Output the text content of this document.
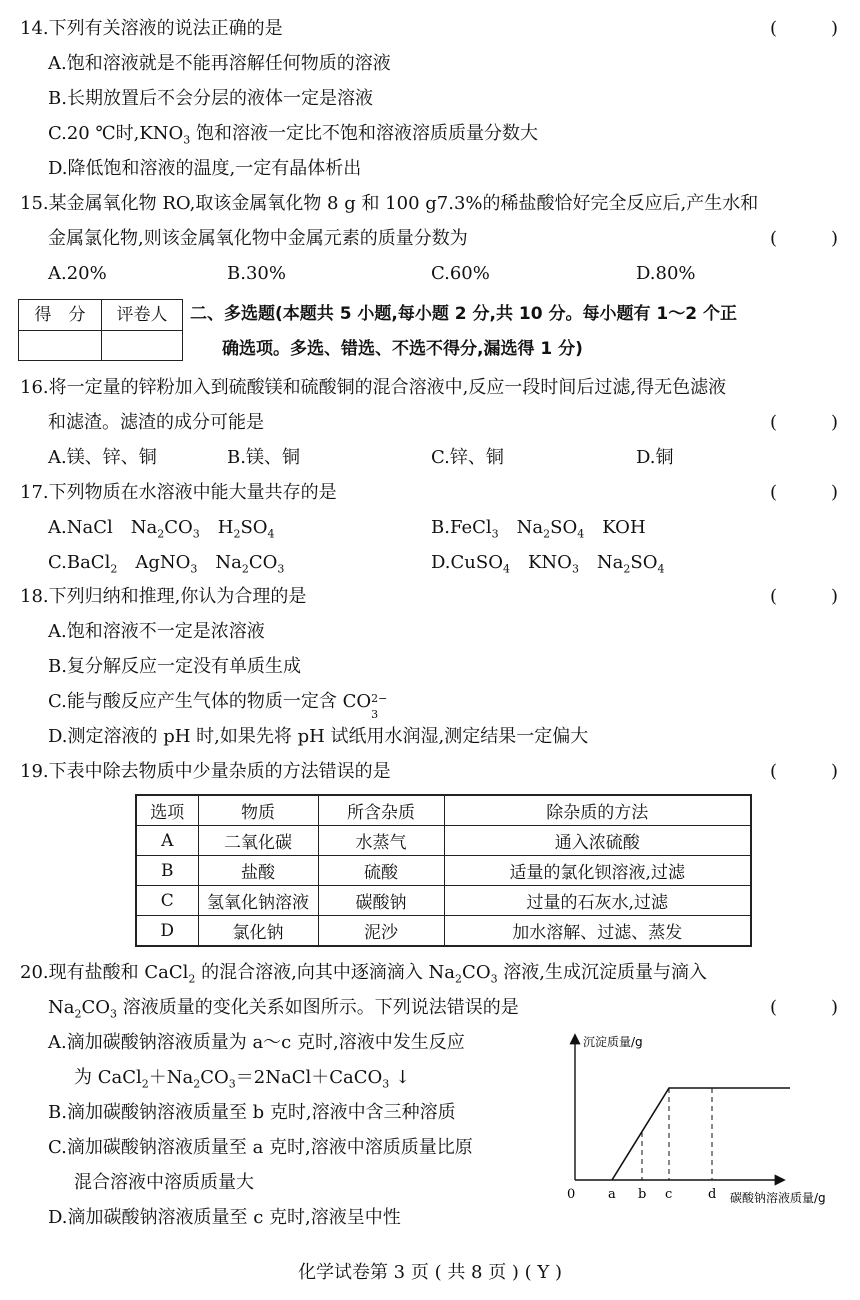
14.下列有关溶液的说法正确的是	(　　　)
A.饱和溶液就是不能再溶解任何物质的溶液
B.长期放置后不会分层的液体一定是溶液
C.20 ℃时$,KNO_3$ 饱和溶液一定比不饱和溶液溶质质量分数大
D.降低饱和溶液的温度,一定有晶体析出
15.某金属氧化物 RO,取该金属氧化物 8 g 和 100 g7.3%的稀盐酸恰好完全反应后,产生水和
金属氯化物,则该金属氧化物中金属元素的质量分数为	(　　　)
A.20%	B.30%	C.60%	D.80%
得　分	评卷人	二、多选题(本题共 5 小题,每小题 2 分,共 10 分。每小题有 1～2 个正
确选项。多选、错选、不选不得分,漏选得 1 分)
16.将一定量的锌粉加入到硫酸镁和硫酸铜的混合溶液中,反应一段时间后过滤,得无色滤液
和滤渣。滤渣的成分可能是	(　　　)
A.镁、锌、铜	B.镁、铜	C.锌、铜	D.铜
17.下列物质在水溶液中能大量共存的是	(　　　)
A.NaCl　$Na_2CO_3$　$H_2SO_4$	B.FeCl$_3$　$Na_2SO_4$　KOH
C.BaCl$_2$　AgNO$_3$　$Na_2CO_3$	D.CuSO$_4$　$KNO_3$　$Na_2SO_4$
18.下列归纳和推理,你认为合理的是	(　　　)
A.饱和溶液不一定是浓溶液
B.复分解反应一定没有单质生成
C.能与酸反应产生气体的物质一定含 CO 2−
3
D.测定溶液的 pH 时,如果先将 pH 试纸用水润湿,测定结果一定偏大
19.下表中除去物质中少量杂质的方法错误的是	(　　　)
选项	物质	所含杂质	除杂质的方法
A	二氧化碳	水蒸气	通入浓硫酸
B	盐酸	硫酸	适量的氯化钡溶液,过滤
C	氢氧化钠溶液	碳酸钠	过量的石灰水,过滤
D	氯化钠	泥沙	加水溶解、过滤、蒸发
20.现有盐酸和 CaCl$_2$ 的混合溶液,向其中逐滴滴入 $Na_2CO_3$ 溶液,生成沉淀质量与滴入
$Na_2CO_3$ 溶液质量的变化关系如图所示。下列说法错误的是	(　　　)
A.滴加碳酸钠溶液质量为 a～c 克时,溶液中发生反应
为 $CaCl_2+Na_2CO_3=2NaCl+CaCO_3$ ↓
B.滴加碳酸钠溶液质量至 b 克时,溶液中含三种溶质
C.滴加碳酸钠溶液质量至 a 克时,溶液中溶质质量比原
混合溶液中溶质质量大
D.滴加碳酸钠溶液质量至 c 克时,溶液呈中性
沉淀质量/g
碳酸钠溶液质量/g
0	a b c	d
化学试卷第 3 页 ( 共 8 页 ) ( Y )
